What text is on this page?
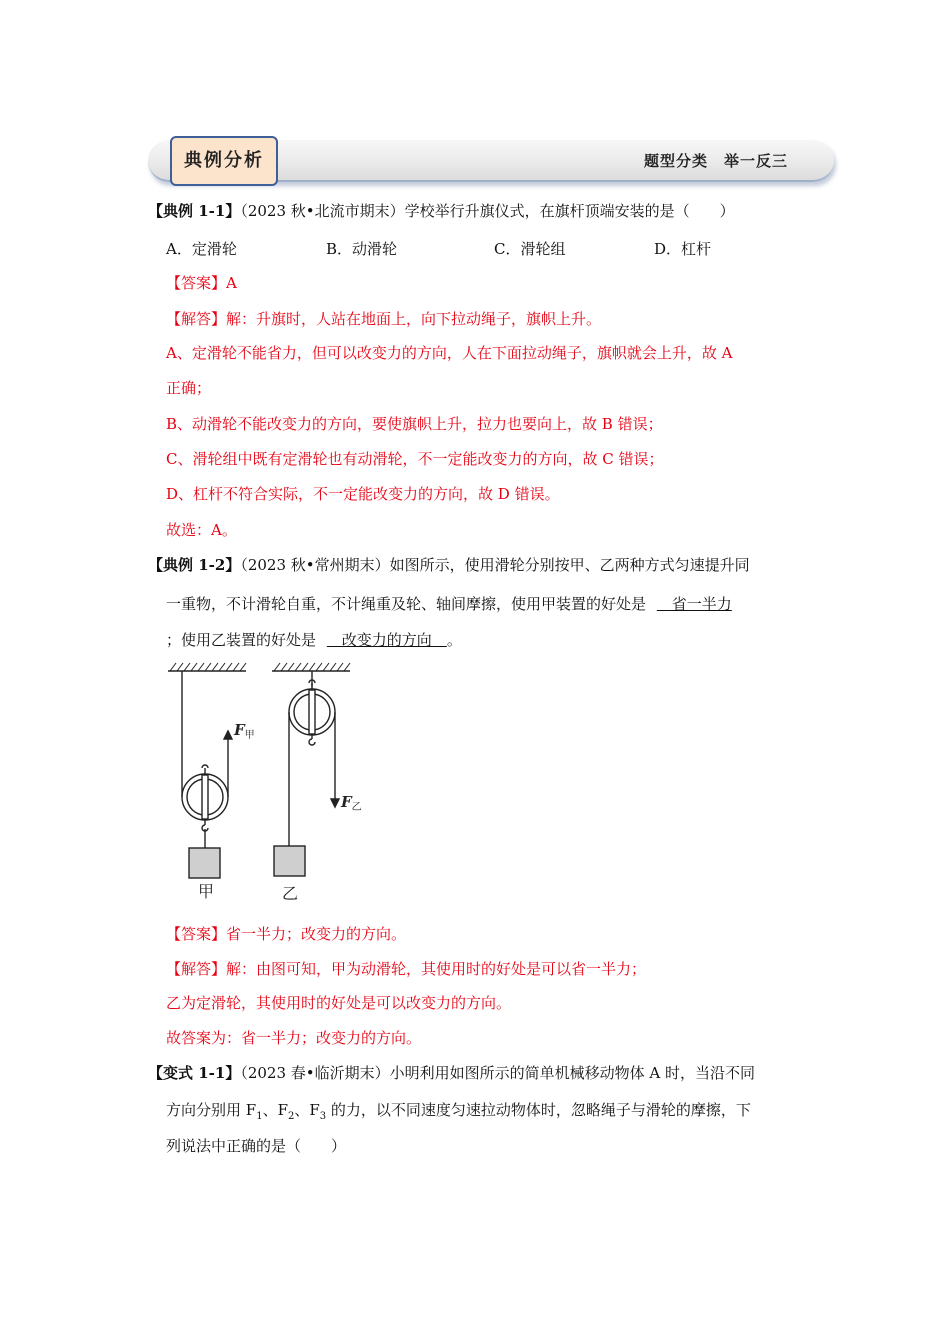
典例分析	题型分类　举一反三
【典例 1-1】（2023 秋•北流市期末）学校举行升旗仪式，在旗杆顶端安装的是（　　）
A．定滑轮	B．动滑轮	C．滑轮组	D．杠杆
【答案】A
【解答】解：升旗时，人站在地面上，向下拉动绳子，旗帜上升。
A、定滑轮不能省力，但可以改变力的方向，人在下面拉动绳子，旗帜就会上升，故 A
正确；
B、动滑轮不能改变力的方向，要使旗帜上升，拉力也要向上，故 B 错误；
C、滑轮组中既有定滑轮也有动滑轮，不一定能改变力的方向，故 C 错误；
D、杠杆不符合实际，不一定能改变力的方向，故 D 错误。
故选：A。
【典例 1-2】（2023 秋•常州期末）如图所示，使用滑轮分别按甲、乙两种方式匀速提升同
一重物，不计滑轮自重，不计绳重及轮、轴间摩擦，使用甲装置的好处是 　省一半力
；使用乙装置的好处是 　改变力的方向　。
$F_甲$
$F_乙$
甲	乙
【答案】省一半力；改变力的方向。
【解答】解：由图可知，甲为动滑轮，其使用时的好处是可以省一半力；
乙为定滑轮，其使用时的好处是可以改变力的方向。
故答案为：省一半力；改变力的方向。
【变式 1-1】（2023 春•临沂期末）小明利用如图所示的简单机械移动物体 A 时，当沿不同
方向分别用 $F_1$、$F_2$、$F_3$ 的力，以不同速度匀速拉动物体时，忽略绳子与滑轮的摩擦，下
列说法中正确的是（　　）
